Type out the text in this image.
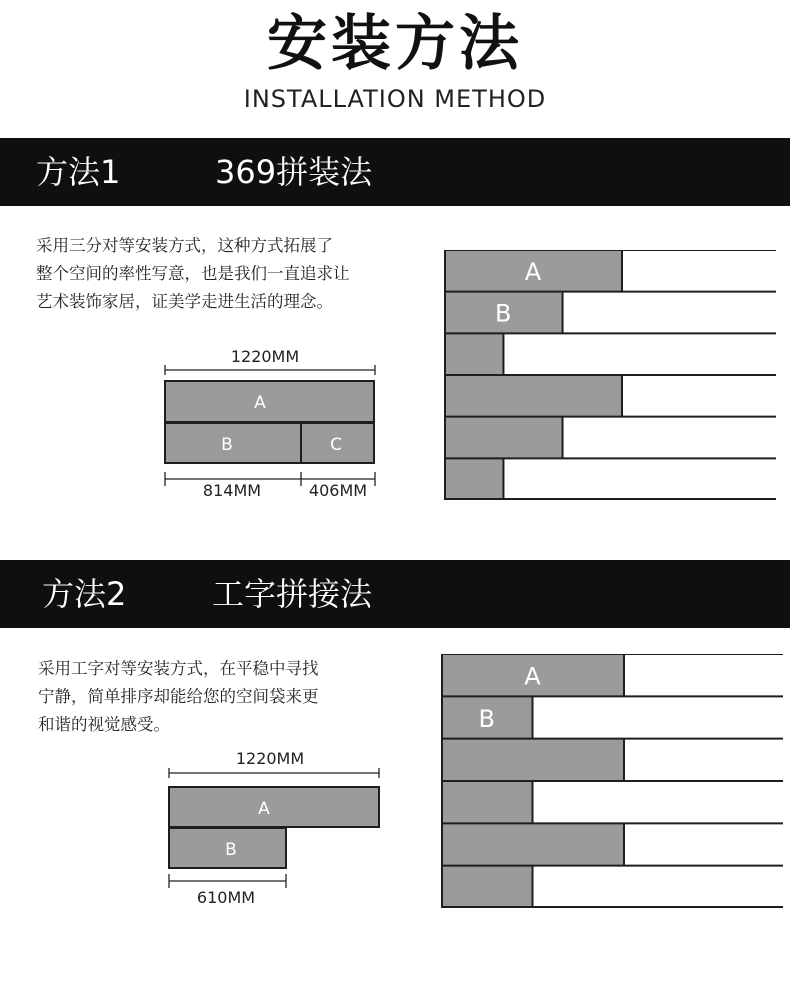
安装方法
INSTALLATION METHOD
方法1	369拼装法
采用三分对等安装方式，这种方式拓展了
整个空间的率性写意，也是我们一直追求让
艺术装饰家居，证美学走进生活的理念。
1220MM
A
B	C
814MM	406MM
A
B
方法2	工字拼接法
采用工字对等安装方式，在平稳中寻找
宁静，简单排序却能给您的空间袋来更
和谐的视觉感受。
1220MM
A
B
610MM
A
B
